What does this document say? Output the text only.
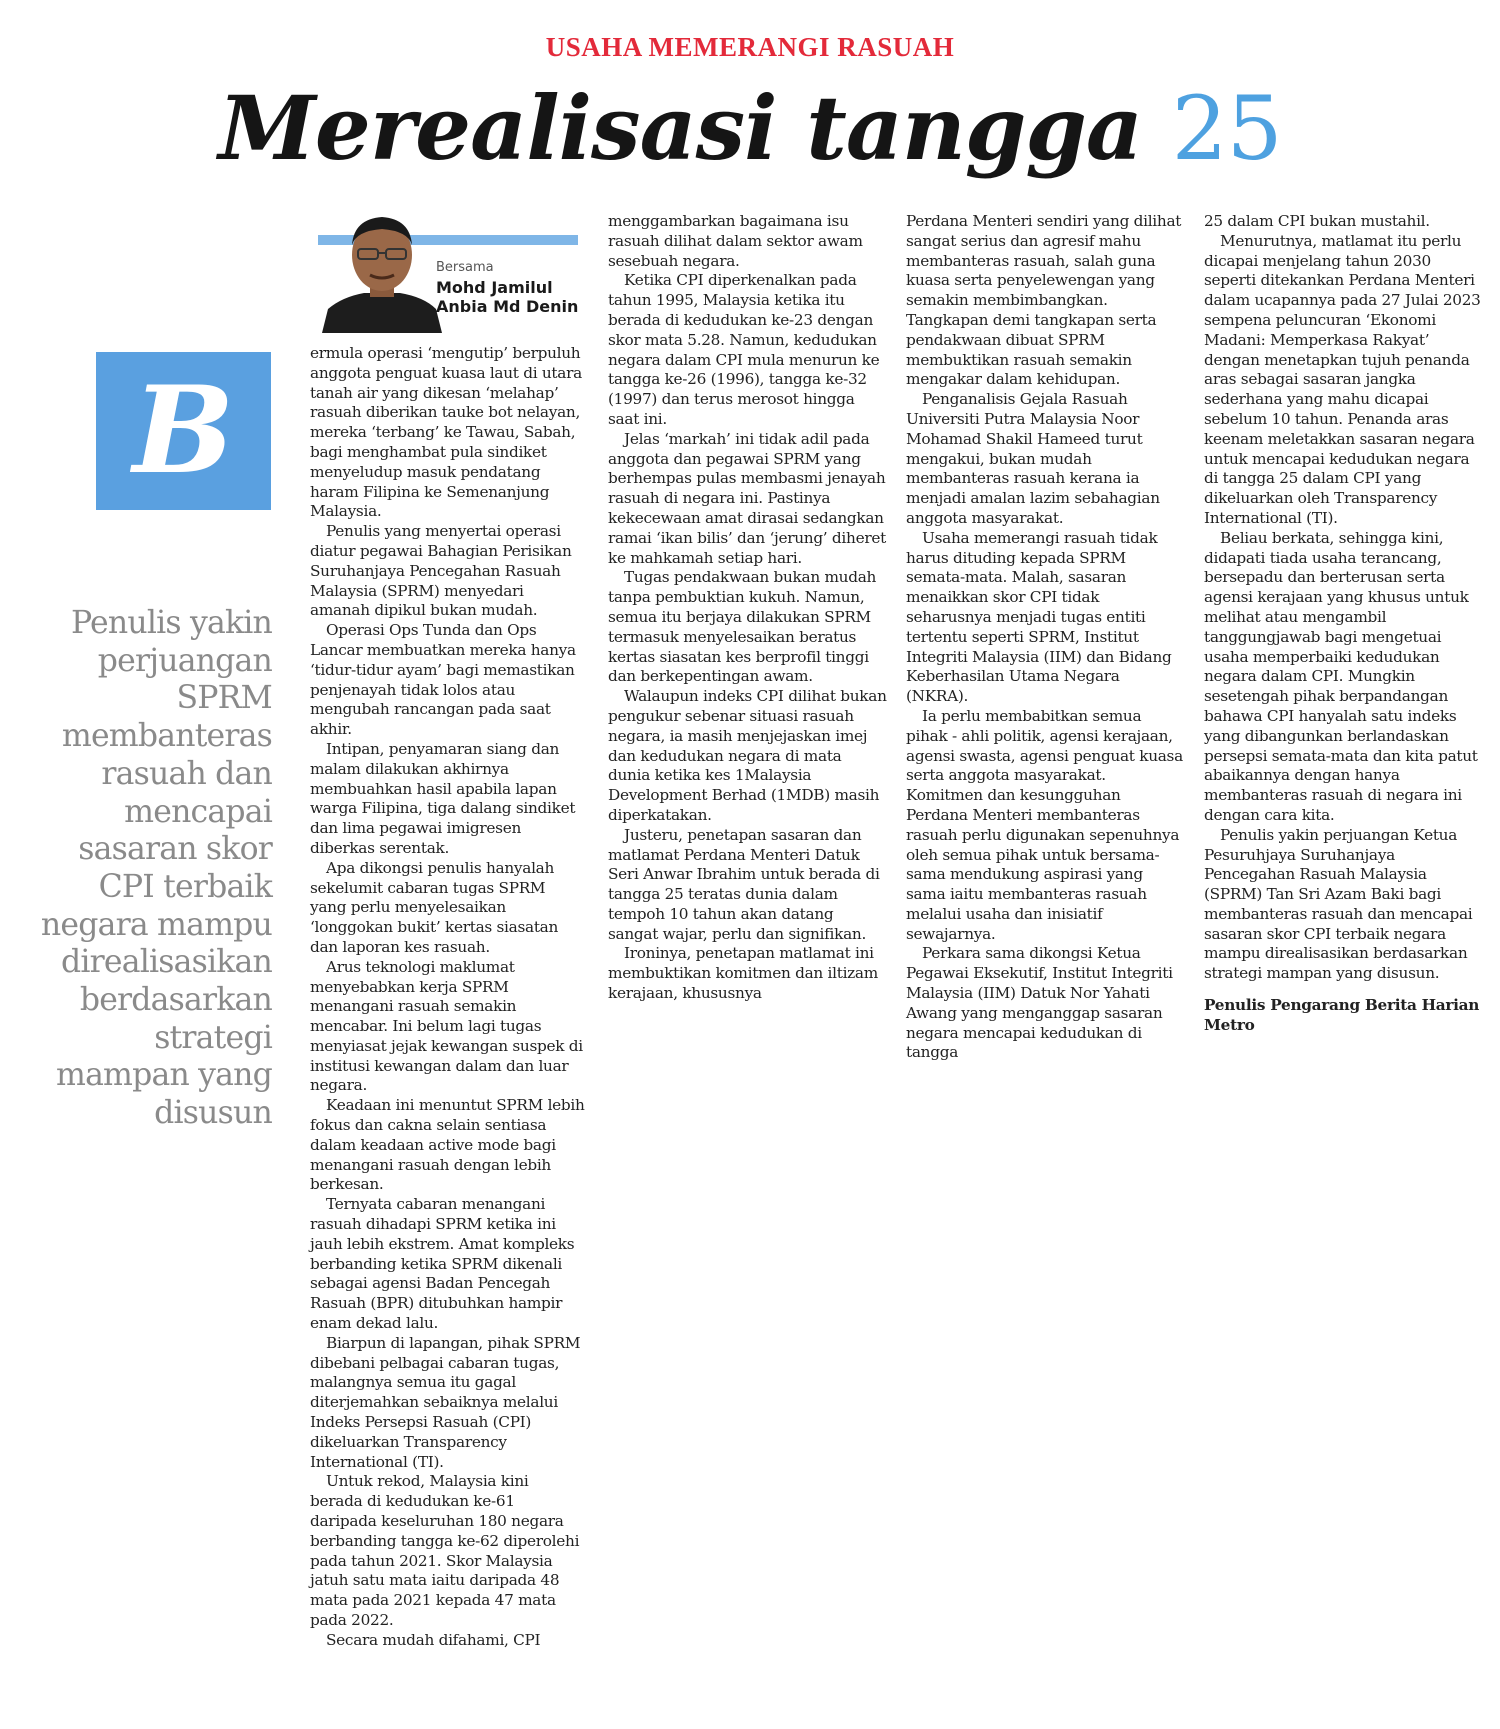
USAHA MEMERANGI RASUAH
Merealisasi tangga 25
Bersama
Mohd Jamilul Anbia Md Denin
B
Penulis yakin perjuangan SPRM membanteras rasuah dan mencapai sasaran skor CPI terbaik negara mampu direalisasikan berdasarkan strategi mampan yang disusun

ermula operasi ‘mengutip’ berpuluh anggota penguat kuasa laut di utara tanah air yang dikesan ‘melahap’ rasuah diberikan tauke bot nelayan, mereka ‘terbang’ ke Tawau, Sabah, bagi menghambat pula sindiket menyeludup masuk pendatang haram Filipina ke Semenanjung Malaysia.

Penulis yang menyertai operasi diatur pegawai Bahagian Perisikan Suruhanjaya Pencegahan Rasuah Malaysia (SPRM) menyedari amanah dipikul bukan mudah.

Operasi Ops Tunda dan Ops Lancar membuatkan mereka hanya ‘tidur-tidur ayam’ bagi memastikan penjenayah tidak lolos atau mengubah rancangan pada saat akhir.

Intipan, penyamaran siang dan malam dilakukan akhirnya membuahkan hasil apabila lapan warga Filipina, tiga dalang sindiket dan lima pegawai imigresen diberkas serentak.

Apa dikongsi penulis hanyalah sekelumit cabaran tugas SPRM yang perlu menyelesaikan ‘longgokan bukit’ kertas siasatan dan laporan kes rasuah.

Arus teknologi maklumat menyebabkan kerja SPRM menangani rasuah semakin mencabar. Ini belum lagi tugas menyiasat jejak kewangan suspek di institusi kewangan dalam dan luar negara.

Keadaan ini menuntut SPRM lebih fokus dan cakna selain sentiasa dalam keadaan active mode bagi menangani rasuah dengan lebih berkesan.

Ternyata cabaran menangani rasuah dihadapi SPRM ketika ini jauh lebih ekstrem. Amat kompleks berbanding ketika SPRM dikenali sebagai agensi Badan Pencegah Rasuah (BPR) ditubuhkan hampir enam dekad lalu.

Biarpun di lapangan, pihak SPRM dibebani pelbagai cabaran tugas, malangnya semua itu gagal diterjemahkan sebaiknya melalui Indeks Persepsi Rasuah (CPI) dikeluarkan Transparency International (TI).

Untuk rekod, Malaysia kini berada di kedudukan ke-61 daripada keseluruhan 180 negara berbanding tangga ke-62 diperolehi pada tahun 2021. Skor Malaysia jatuh satu mata iaitu daripada 48 mata pada 2021 kepada 47 mata pada 2022.

Secara mudah difahami, CPI

menggambarkan bagaimana isu rasuah dilihat dalam sektor awam sesebuah negara.

Ketika CPI diperkenalkan pada tahun 1995, Malaysia ketika itu berada di kedudukan ke-23 dengan skor mata 5.28. Namun, kedudukan negara dalam CPI mula menurun ke tangga ke-26 (1996), tangga ke-32 (1997) dan terus merosot hingga saat ini.

Jelas ‘markah’ ini tidak adil pada anggota dan pegawai SPRM yang berhempas pulas membasmi jenayah rasuah di negara ini. Pastinya kekecewaan amat dirasai sedangkan ramai ‘ikan bilis’ dan ‘jerung’ diheret ke mahkamah setiap hari.

Tugas pendakwaan bukan mudah tanpa pembuktian kukuh. Namun, semua itu berjaya dilakukan SPRM termasuk menyelesaikan beratus kertas siasatan kes berprofil tinggi dan berkepentingan awam.

Walaupun indeks CPI dilihat bukan pengukur sebenar situasi rasuah negara, ia masih menjejaskan imej dan kedudukan negara di mata dunia ketika kes 1Malaysia Development Berhad (1MDB) masih diperkatakan.

Justeru, penetapan sasaran dan matlamat Perdana Menteri Datuk Seri Anwar Ibrahim untuk berada di tangga 25 teratas dunia dalam tempoh 10 tahun akan datang sangat wajar, perlu dan signifikan.

Ironinya, penetapan matlamat ini membuktikan komitmen dan iltizam kerajaan, khususnya

Perdana Menteri sendiri yang dilihat sangat serius dan agresif mahu membanteras rasuah, salah guna kuasa serta penyelewengan yang semakin membimbangkan. Tangkapan demi tangkapan serta pendakwaan dibuat SPRM membuktikan rasuah semakin mengakar dalam kehidupan.

Penganalisis Gejala Rasuah Universiti Putra Malaysia Noor Mohamad Shakil Hameed turut mengakui, bukan mudah membanteras rasuah kerana ia menjadi amalan lazim sebahagian anggota masyarakat.

Usaha memerangi rasuah tidak harus dituding kepada SPRM semata-mata. Malah, sasaran menaikkan skor CPI tidak seharusnya menjadi tugas entiti tertentu seperti SPRM, Institut Integriti Malaysia (IIM) dan Bidang Keberhasilan Utama Negara (NKRA).

Ia perlu membabitkan semua pihak - ahli politik, agensi kerajaan, agensi swasta, agensi penguat kuasa serta anggota masyarakat. Komitmen dan kesungguhan Perdana Menteri membanteras rasuah perlu digunakan sepenuhnya oleh semua pihak untuk bersama-sama mendukung aspirasi yang sama iaitu membanteras rasuah melalui usaha dan inisiatif sewajarnya.

Perkara sama dikongsi Ketua Pegawai Eksekutif, Institut Integriti Malaysia (IIM) Datuk Nor Yahati Awang yang menganggap sasaran negara mencapai kedudukan di tangga

25 dalam CPI bukan mustahil.

Menurutnya, matlamat itu perlu dicapai menjelang tahun 2030 seperti ditekankan Perdana Menteri dalam ucapannya pada 27 Julai 2023 sempena peluncuran ‘Ekonomi Madani: Memperkasa Rakyat’ dengan menetapkan tujuh penanda aras sebagai sasaran jangka sederhana yang mahu dicapai sebelum 10 tahun. Penanda aras keenam meletakkan sasaran negara untuk mencapai kedudukan negara di tangga 25 dalam CPI yang dikeluarkan oleh Transparency International (TI).

Beliau berkata, sehingga kini, didapati tiada usaha terancang, bersepadu dan berterusan serta agensi kerajaan yang khusus untuk melihat atau mengambil tanggungjawab bagi mengetuai usaha memperbaiki kedudukan negara dalam CPI. Mungkin sesetengah pihak berpandangan bahawa CPI hanyalah satu indeks yang dibangunkan berlandaskan persepsi semata-mata dan kita patut abaikannya dengan hanya membanteras rasuah di negara ini dengan cara kita.

Penulis yakin perjuangan Ketua Pesuruhjaya Suruhanjaya Pencegahan Rasuah Malaysia (SPRM) Tan Sri Azam Baki bagi membanteras rasuah dan mencapai sasaran skor CPI terbaik negara mampu direalisasikan berdasarkan strategi mampan yang disusun.

Penulis Pengarang Berita Harian Metro
